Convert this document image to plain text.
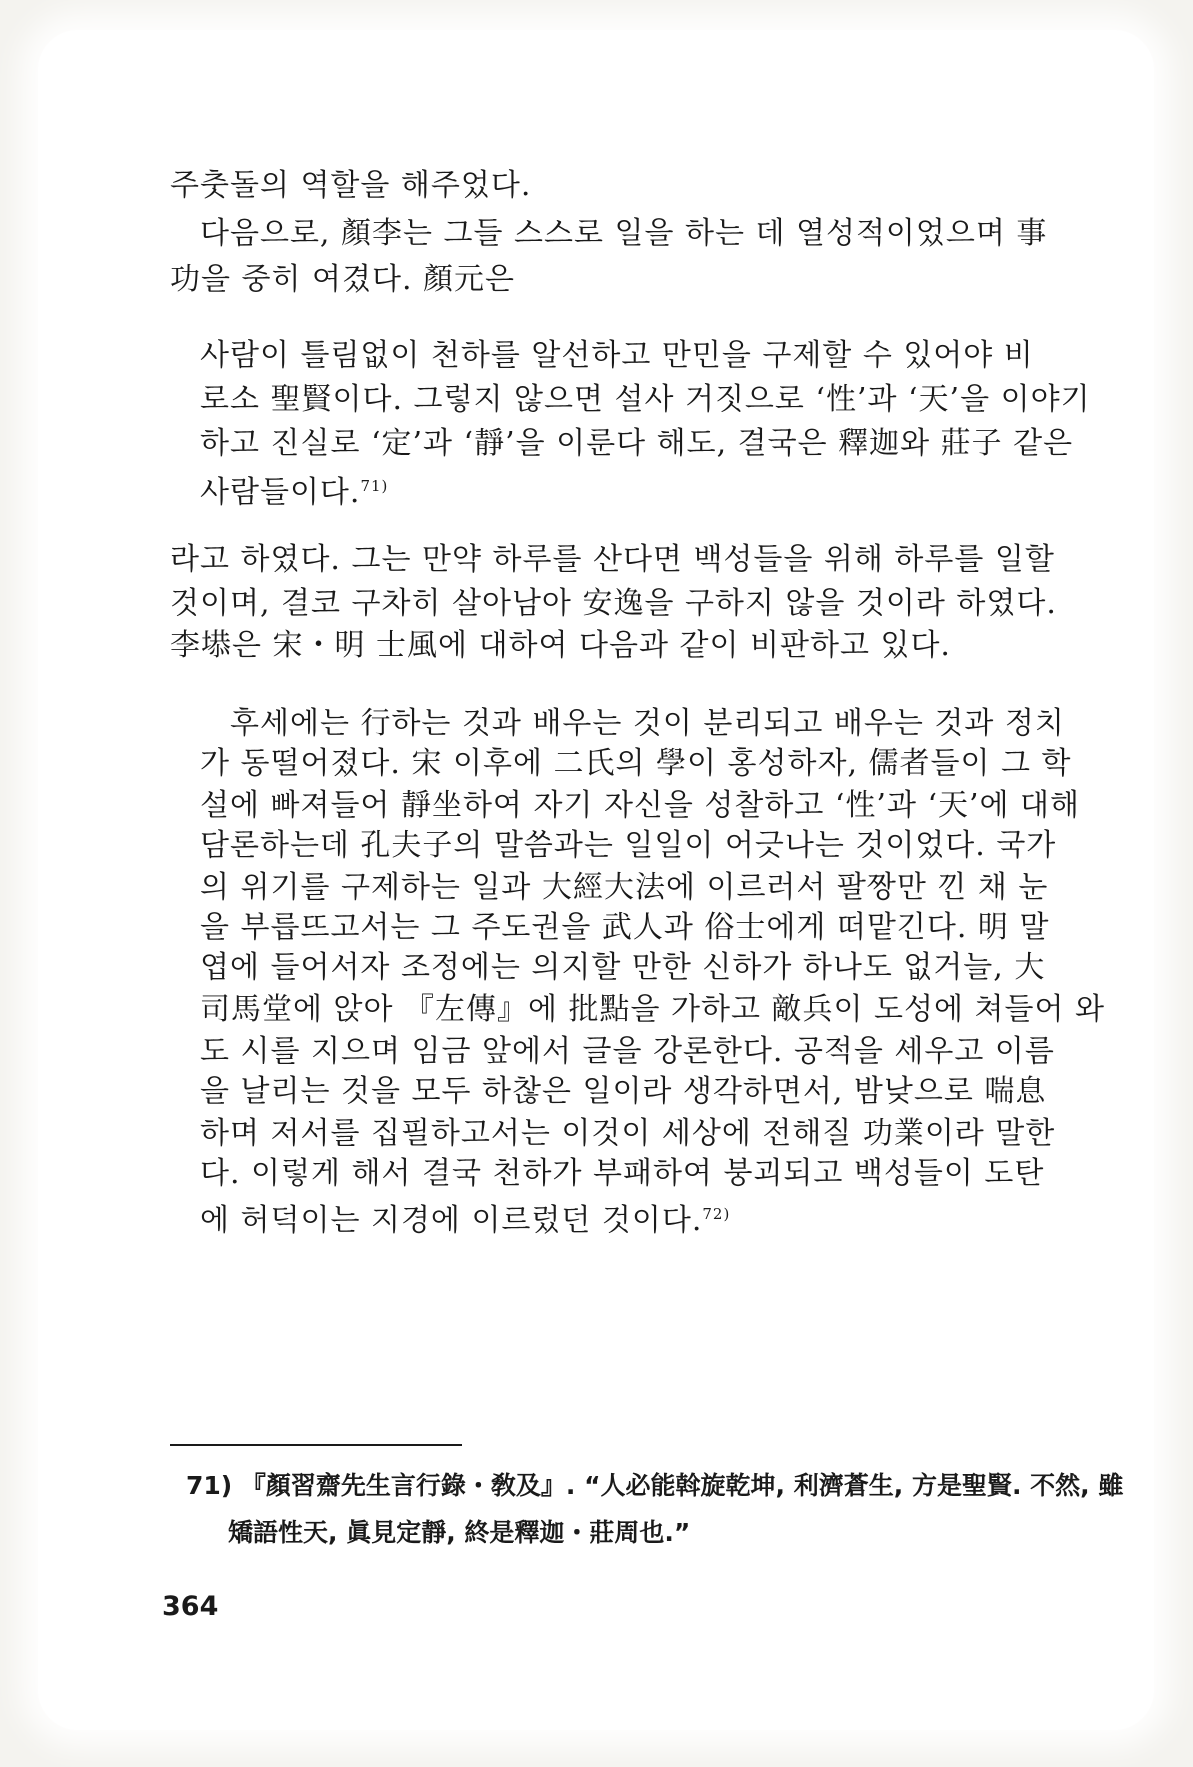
주춧돌의 역할을 해주었다.
다음으로, 顏李는 그들 스스로 일을 하는 데 열성적이었으며 事
功을 중히 여겼다. 顏元은
사람이 틀림없이 천하를 알선하고 만민을 구제할 수 있어야 비
로소 聖賢이다. 그렇지 않으면 설사 거짓으로 ‘性’과 ‘天’을 이야기
하고 진실로 ‘定’과 ‘靜’을 이룬다 해도, 결국은 釋迦와 莊子 같은
사람들이다.$^{71)}$
라고 하였다. 그는 만약 하루를 산다면 백성들을 위해 하루를 일할
것이며, 결코 구차히 살아남아 安逸을 구하지 않을 것이라 하였다.
李塨은 宋・明 士風에 대하여 다음과 같이 비판하고 있다.
후세에는 行하는 것과 배우는 것이 분리되고 배우는 것과 정치
가 동떨어졌다. 宋 이후에 二氏의 學이 홍성하자, 儒者들이 그 학
설에 빠져들어 靜坐하여 자기 자신을 성찰하고 ‘性’과 ‘天’에 대해
담론하는데 孔夫子의 말씀과는 일일이 어긋나는 것이었다. 국가
의 위기를 구제하는 일과 大經大法에 이르러서 팔짱만 낀 채 눈
을 부릅뜨고서는 그 주도권을 武人과 俗士에게 떠맡긴다. 明 말
엽에 들어서자 조정에는 의지할 만한 신하가 하나도 없거늘, 大
司馬堂에 앉아 『左傳』에 批點을 가하고 敵兵이 도성에 쳐들어 와
도 시를 지으며 임금 앞에서 글을 강론한다. 공적을 세우고 이름
을 날리는 것을 모두 하찮은 일이라 생각하면서, 밤낮으로 喘息
하며 저서를 집필하고서는 이것이 세상에 전해질 功業이라 말한
다. 이렇게 해서 결국 천하가 부패하여 붕괴되고 백성들이 도탄
에 허덕이는 지경에 이르렀던 것이다.$^{72)}$
71) 『顏習齋先生言行錄・敎及』. “人必能斡旋乾坤, 利濟蒼生, 方是聖賢. 不然, 雖
矯語性天, 眞見定靜, 終是釋迦・莊周也.”
364
